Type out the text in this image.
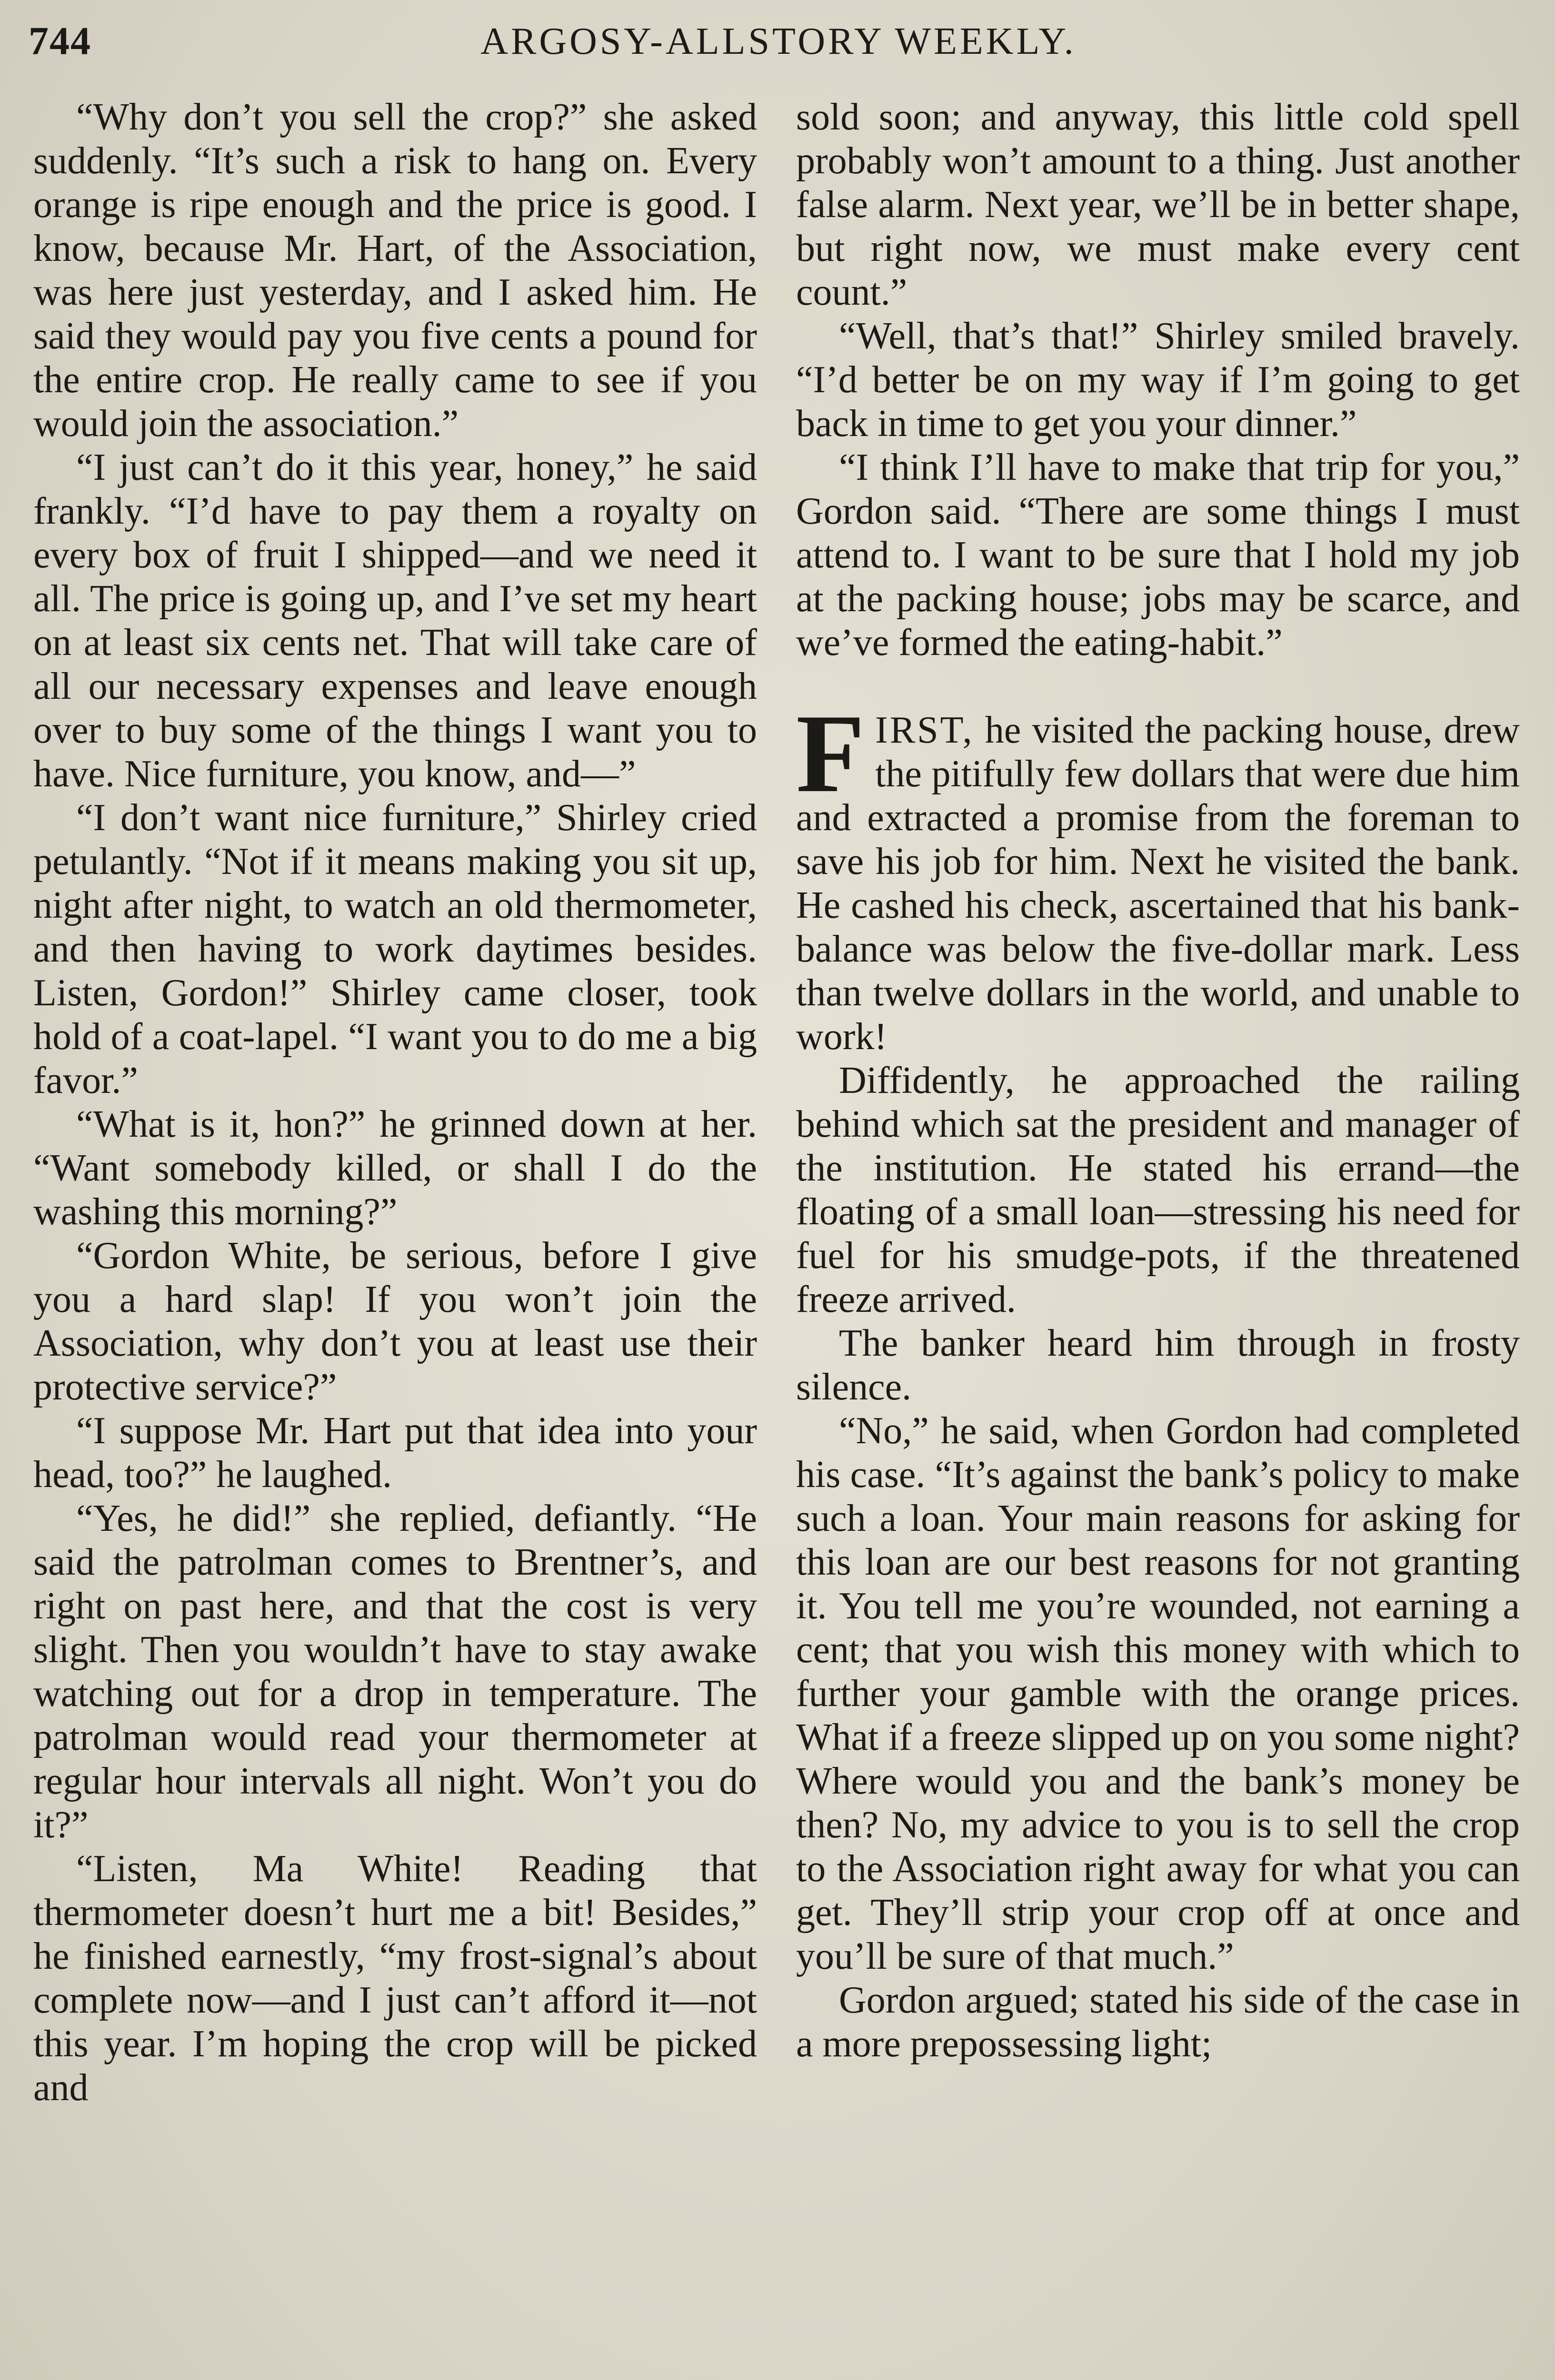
744	ARGOSY-ALLSTORY WEEKLY.

“Why don’t you sell the crop?” she asked suddenly. “It’s such a risk to hang on. Every orange is ripe enough and the price is good. I know, because Mr. Hart, of the Association, was here just yesterday, and I asked him. He said they would pay you five cents a pound for the entire crop. He really came to see if you would join the association.”

“I just can’t do it this year, honey,” he said frankly. “I’d have to pay them a royalty on every box of fruit I shipped—and we need it all. The price is going up, and I’ve set my heart on at least six cents net. That will take care of all our necessary expenses and leave enough over to buy some of the things I want you to have. Nice furniture, you know, and—”

“I don’t want nice furniture,” Shirley cried petulantly. “Not if it means making you sit up, night after night, to watch an old thermometer, and then having to work daytimes besides. Listen, Gordon!” Shirley came closer, took hold of a coat-lapel. “I want you to do me a big favor.”

“What is it, hon?” he grinned down at her. “Want somebody killed, or shall I do the washing this morning?”

“Gordon White, be serious, before I give you a hard slap! If you won’t join the Association, why don’t you at least use their protective service?”

“I suppose Mr. Hart put that idea into your head, too?” he laughed.

“Yes, he did!” she replied, defiantly. “He said the patrolman comes to Brentner’s, and right on past here, and that the cost is very slight. Then you wouldn’t have to stay awake watching out for a drop in temperature. The patrolman would read your thermometer at regular hour intervals all night. Won’t you do it?”

“Listen, Ma White! Reading that thermometer doesn’t hurt me a bit! Besides,” he finished earnestly, “my frost-signal’s about complete now—and I just can’t afford it—not this year. I’m hoping the crop will be picked and

sold soon; and anyway, this little cold spell probably won’t amount to a thing. Just another false alarm. Next year, we’ll be in better shape, but right now, we must make every cent count.”

“Well, that’s that!” Shirley smiled bravely. “I’d better be on my way if I’m going to get back in time to get you your dinner.”

“I think I’ll have to make that trip for you,” Gordon said. “There are some things I must attend to. I want to be sure that I hold my job at the packing house; jobs may be scarce, and we’ve formed the eating-habit.”

FIRST, he visited the packing house, drew the pitifully few dollars that were due him and extracted a promise from the foreman to save his job for him. Next he visited the bank. He cashed his check, ascertained that his bank-balance was below the five-dollar mark. Less than twelve dollars in the world, and unable to work!

Diffidently, he approached the railing behind which sat the president and manager of the institution. He stated his errand—the floating of a small loan—stressing his need for fuel for his smudge-pots, if the threatened freeze arrived.

The banker heard him through in frosty silence.

“No,” he said, when Gordon had completed his case. “It’s against the bank’s policy to make such a loan. Your main reasons for asking for this loan are our best reasons for not granting it. You tell me you’re wounded, not earning a cent; that you wish this money with which to further your gamble with the orange prices. What if a freeze slipped up on you some night? Where would you and the bank’s money be then? No, my advice to you is to sell the crop to the Association right away for what you can get. They’ll strip your crop off at once and you’ll be sure of that much.”

Gordon argued; stated his side of the case in a more prepossessing light;
